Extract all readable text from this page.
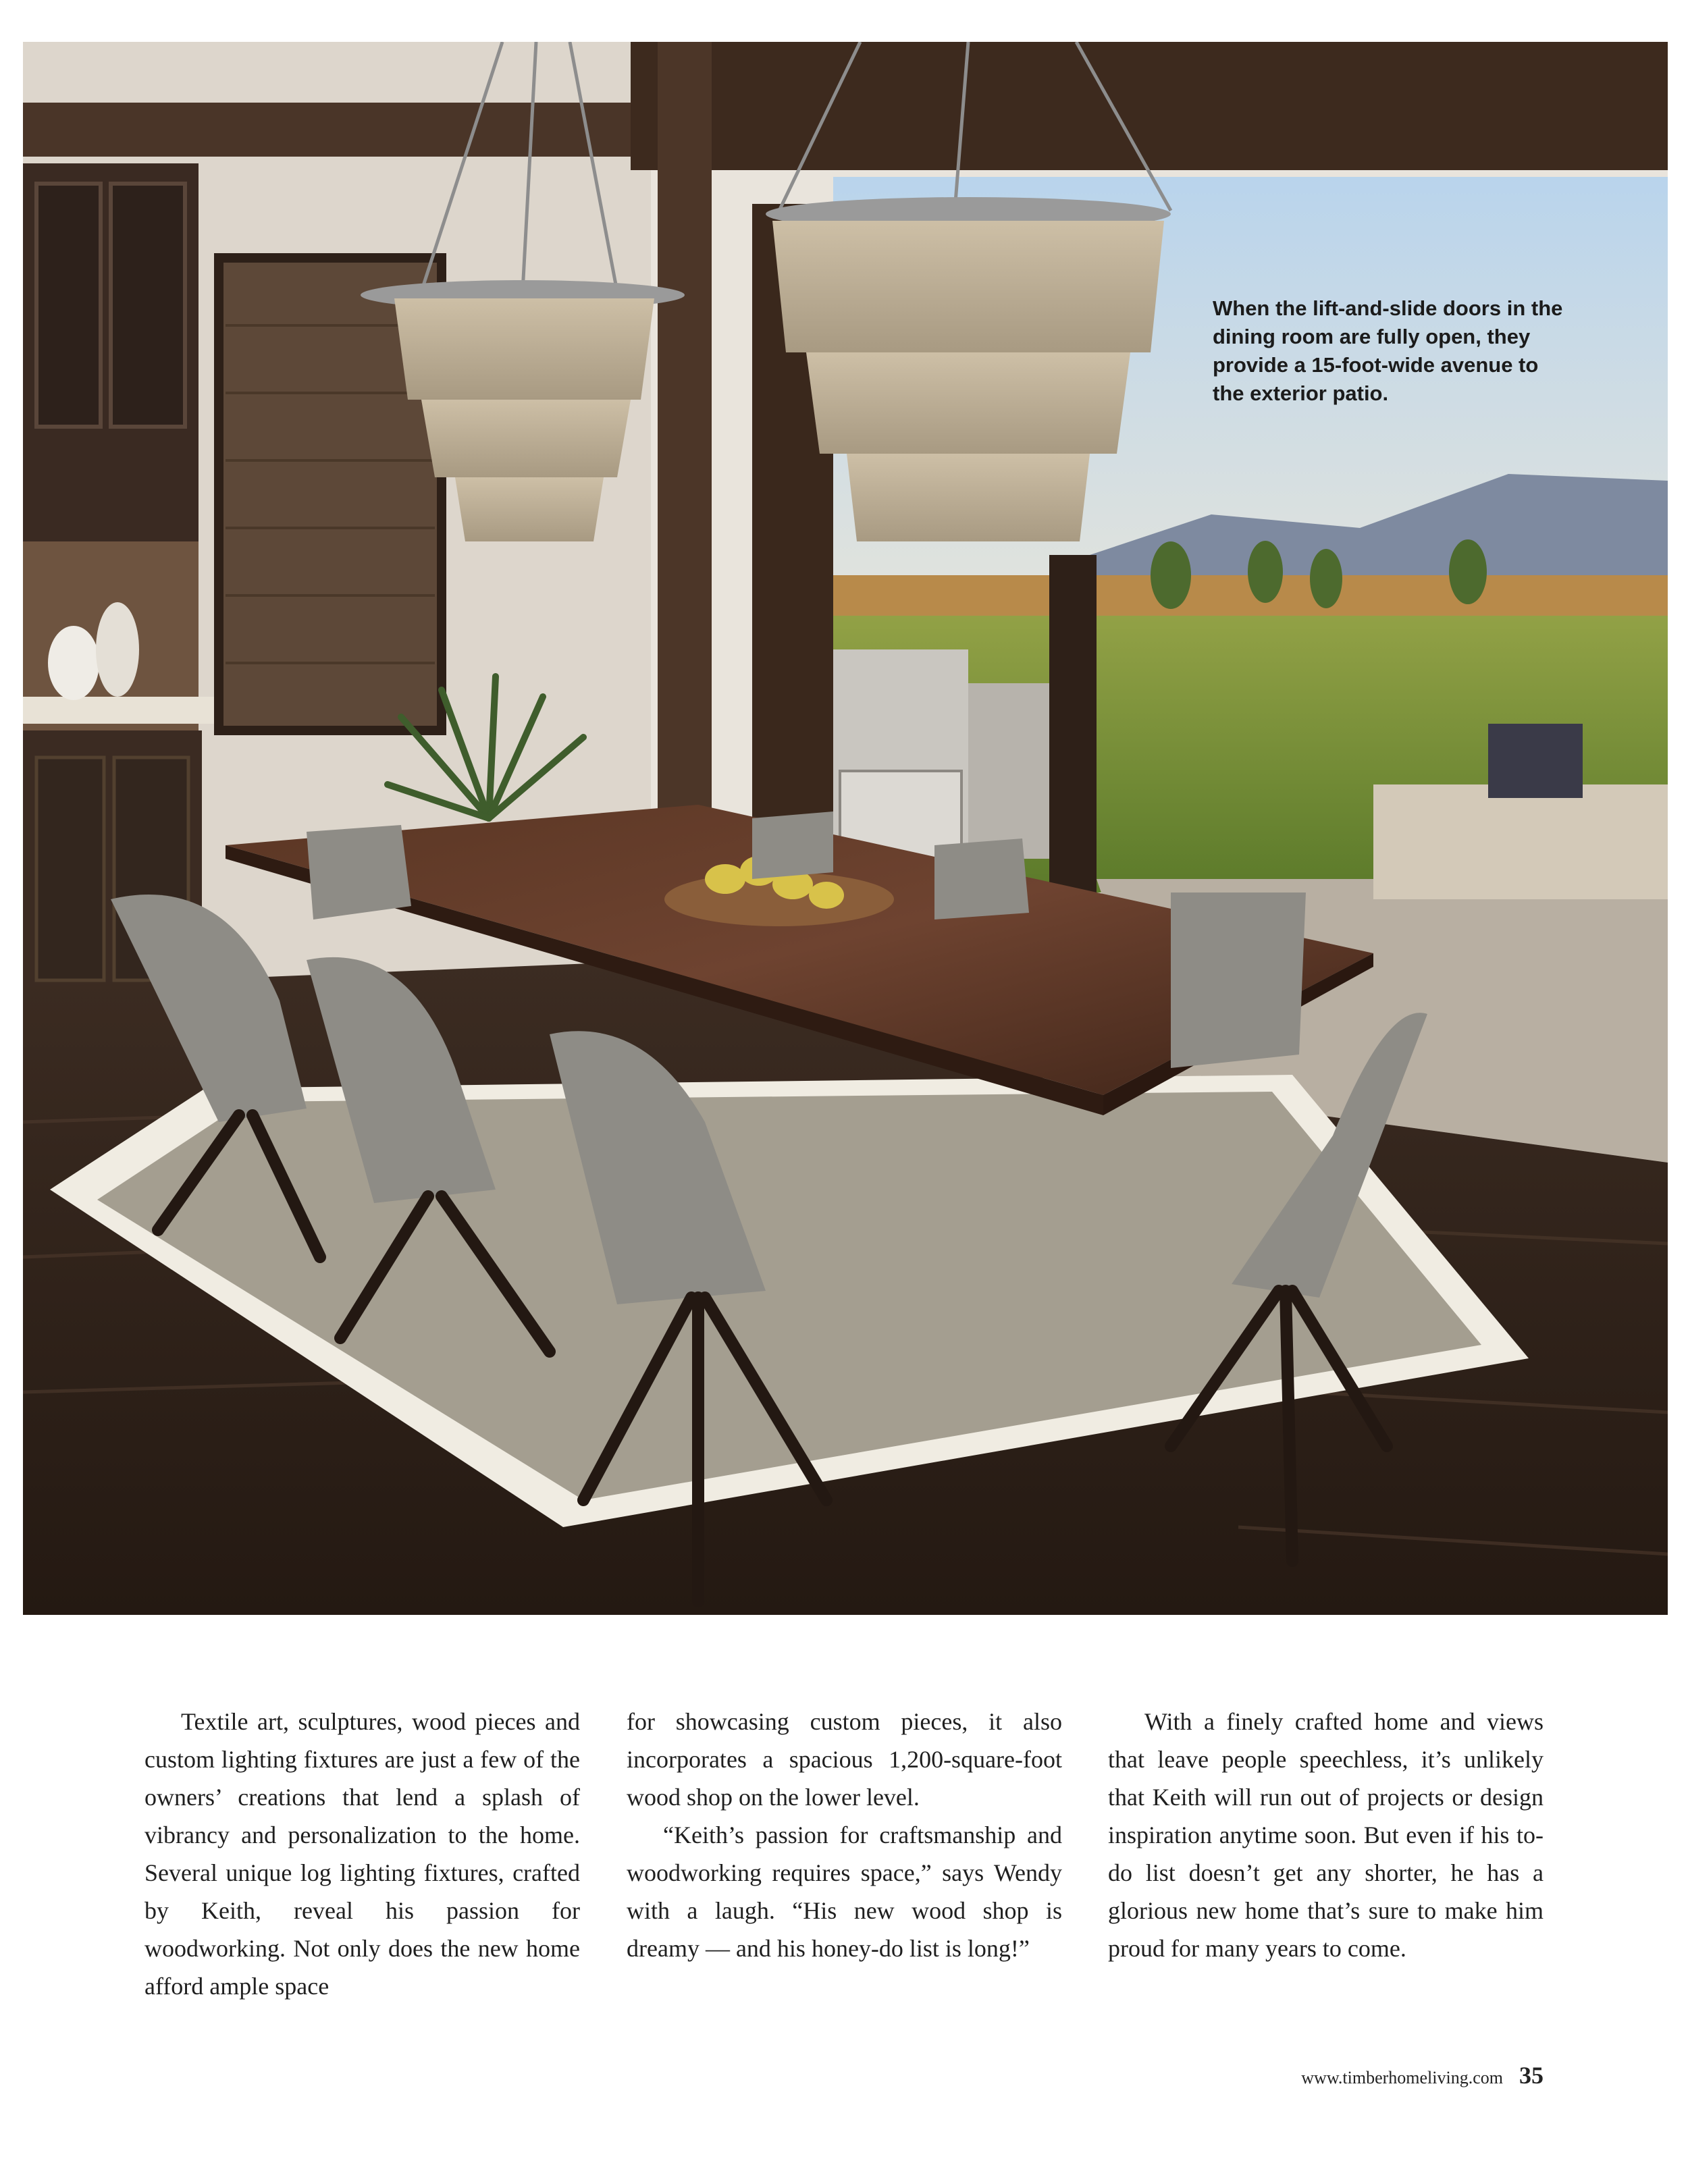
When the lift-and-slide doors in the dining room are fully open, they provide a 15-foot-wide avenue to the exterior patio.

Textile art, sculptures, wood pieces and custom lighting fixtures are just a few of the owners’ creations that lend a splash of vibrancy and personalization to the home. Several unique log lighting fixtures, crafted by Keith, reveal his passion for woodworking. Not only does the new home afford ample space

for showcasing custom pieces, it also incorporates a spacious 1,200-square-foot wood shop on the lower level.

“Keith’s passion for craftsmanship and woodworking requires space,” says Wendy with a laugh. “His new wood shop is dreamy — and his honey-do list is long!”

With a finely crafted home and views that leave people speechless, it’s unlikely that Keith will run out of projects or design inspiration anytime soon. But even if his to-do list doesn’t get any shorter, he has a glorious new home that’s sure to make him proud for many years to come.

www.timberhomeliving.com 35
